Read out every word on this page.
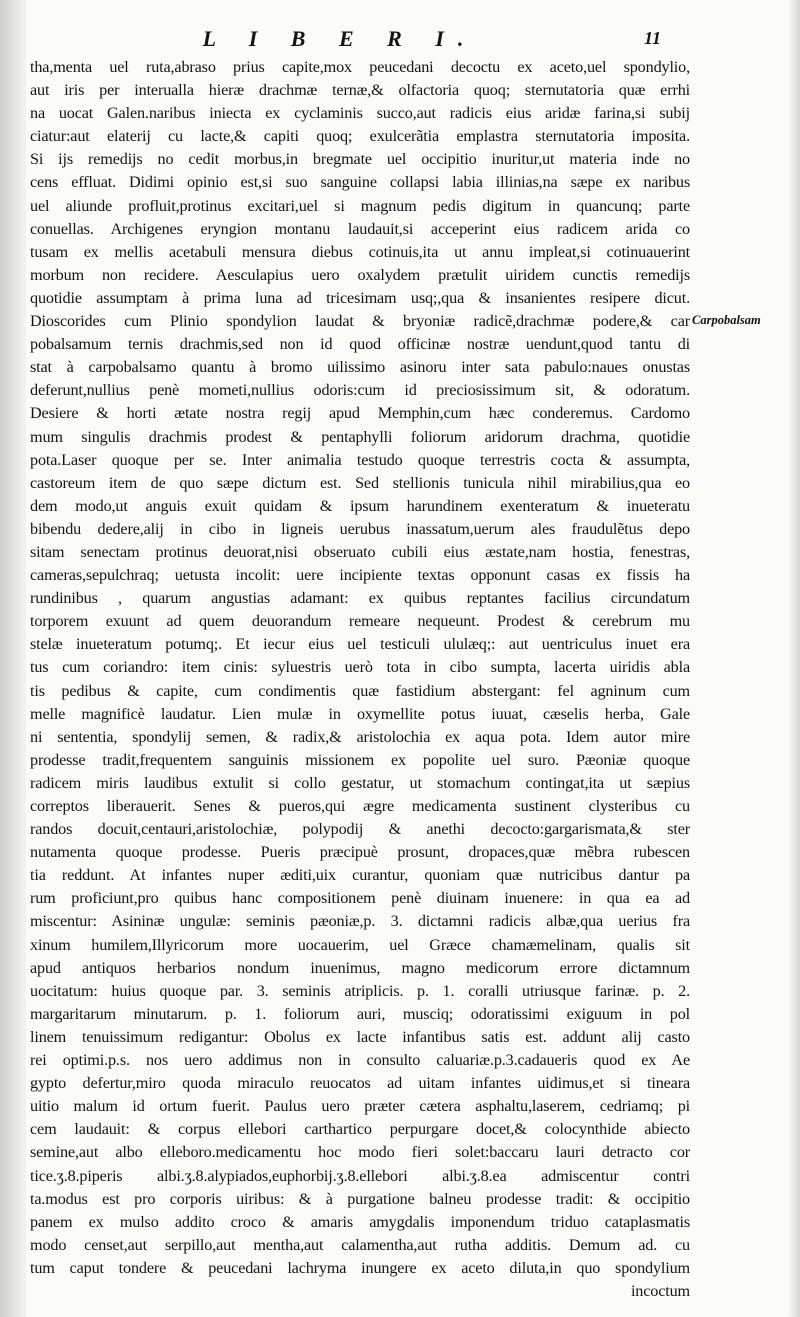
L I B E R I.	11
tha,menta uel ruta,abraso prius capite,mox peucedani decoctu ex aceto,uel spondylio,
aut iris per interualla hieræ drachmæ ternæ,& olfactoria quoq; sternutatoria quæ errhi
na uocat Galen.naribus iniecta ex cyclaminis succo,aut radicis eius aridæ farina,si subij
ciatur:aut elaterij cu lacte,& capiti quoq; exulcerãtia emplastra sternutatoria imposita.
Si ijs remedijs no cedit morbus,in bregmate uel occipitio inuritur,ut materia inde no
cens effluat. Didimi opinio est,si suo sanguine collapsi labia illinias,na sæpe ex naribus
uel aliunde profluit,protinus excitari,uel si magnum pedis digitum in quancunq; parte
conuellas. Archigenes eryngion montanu laudauit,si acceperint eius radicem arida co
tusam ex mellis acetabuli mensura diebus cotinuis,ita ut annu impleat,si cotinuauerint
morbum non recidere. Aesculapius uero oxalydem prætulit uiridem cunctis remedijs
quotidie assumptam à prima luna ad tricesimam usq;,qua & insanientes resipere dicut.
Dioscorides cum Plinio spondylion laudat & bryoniæ radicẽ,drachmæ podere,& car
pobalsamum ternis drachmis,sed non id quod officinæ nostræ uendunt,quod tantu di
stat à carpobalsamo quantu à bromo uilissimo asinoru inter sata pabulo:naues onustas
deferunt,nullius penè mometi,nullius odoris:cum id preciosissimum sit, & odoratum.
Desiere & horti ætate nostra regij apud Memphin,cum hæc conderemus. Cardomo
mum singulis drachmis prodest & pentaphylli foliorum aridorum drachma, quotidie
pota.Laser quoque per se. Inter animalia testudo quoque terrestris cocta & assumpta,
castoreum item de quo sæpe dictum est. Sed stellionis tunicula nihil mirabilius,qua eo
dem modo,ut anguis exuit quidam & ipsum harundinem exenteratum & inueteratu
bibendu dedere,alij in cibo in ligneis uerubus inassatum,uerum ales fraudulẽtus depo
sitam senectam protinus deuorat,nisi obseruato cubili eius æstate,nam hostia, fenestras,
cameras,sepulchraq; uetusta incolit: uere incipiente textas opponunt casas ex fissis ha
rundinibus , quarum angustias adamant: ex quibus reptantes facilius circundatum
torporem exuunt ad quem deuorandum remeare nequeunt. Prodest & cerebrum mu
stelæ inueteratum potumq;. Et iecur eius uel testiculi ululæq;: aut uentriculus inuet era
tus cum coriandro: item cinis: syluestris uerò tota in cibo sumpta, lacerta uiridis abla
tis pedibus & capite, cum condimentis quæ fastidium abstergant: fel agninum cum
melle magnificè laudatur. Lien mulæ in oxymellite potus iuuat, cæselis herba, Gale
ni sententia, spondylij semen, & radix,& aristolochia ex aqua pota. Idem autor mire
prodesse tradit,frequentem sanguinis missionem ex popolite uel suro. Pæoniæ quoque
radicem miris laudibus extulit si collo gestatur, ut stomachum contingat,ita ut sæpius
correptos liberauerit. Senes & pueros,qui ægre medicamenta sustinent clysteribus cu
randos docuit,centauri,aristolochiæ, polypodij & anethi decocto:gargarismata,& ster
nutamenta quoque prodesse. Pueris præcipuè prosunt, dropaces,quæ mẽbra rubescen
tia reddunt. At infantes nuper æditi,uix curantur, quoniam quæ nutricibus dantur pa
rum proficiunt,pro quibus hanc compositionem penè diuinam inuenere: in qua ea ad
miscentur: Asininæ ungulæ: seminis pæoniæ,p. 3. dictamni radicis albæ,qua uerius fra
xinum humilem,Illyricorum more uocauerim, uel Græce chamæmelinam, qualis sit
apud antiquos herbarios nondum inuenimus, magno medicorum errore dictamnum
uocitatum: huius quoque par. 3. seminis atriplicis. p. 1. coralli utriusque farinæ. p. 2.
margaritarum minutarum. p. 1. foliorum auri, musciq; odoratissimi exiguum in pol
linem tenuissimum redigantur: Obolus ex lacte infantibus satis est. addunt alij casto
rei optimi.p.s. nos uero addimus non in consulto caluariæ.p.3.cadaueris quod ex Ae
gypto defertur,miro quoda miraculo reuocatos ad uitam infantes uidimus,et si tineara
uitio malum id ortum fuerit. Paulus uero præter cætera asphaltu,laserem, cedriamq; pi
cem laudauit: & corpus ellebori carthartico perpurgare docet,& colocynthide abiecto
semine,aut albo elleboro.medicamentu hoc modo fieri solet:baccaru lauri detracto cor
tice.ʒ.8.piperis albi.ʒ.8.alypiados,euphorbij.ʒ.8.ellebori albi.ʒ.8.ea admiscentur contri
ta.modus est pro corporis uiribus: & à purgatione balneu prodesse tradit: & occipitio
panem ex mulso addito croco & amaris amygdalis imponendum triduo cataplasmatis
modo censet,aut serpillo,aut mentha,aut calamentha,aut rutha additis. Demum ad. cu
tum caput tondere & peucedani lachryma inungere ex aceto diluta,in quo spondylium
incoctum
Carpobalsam
